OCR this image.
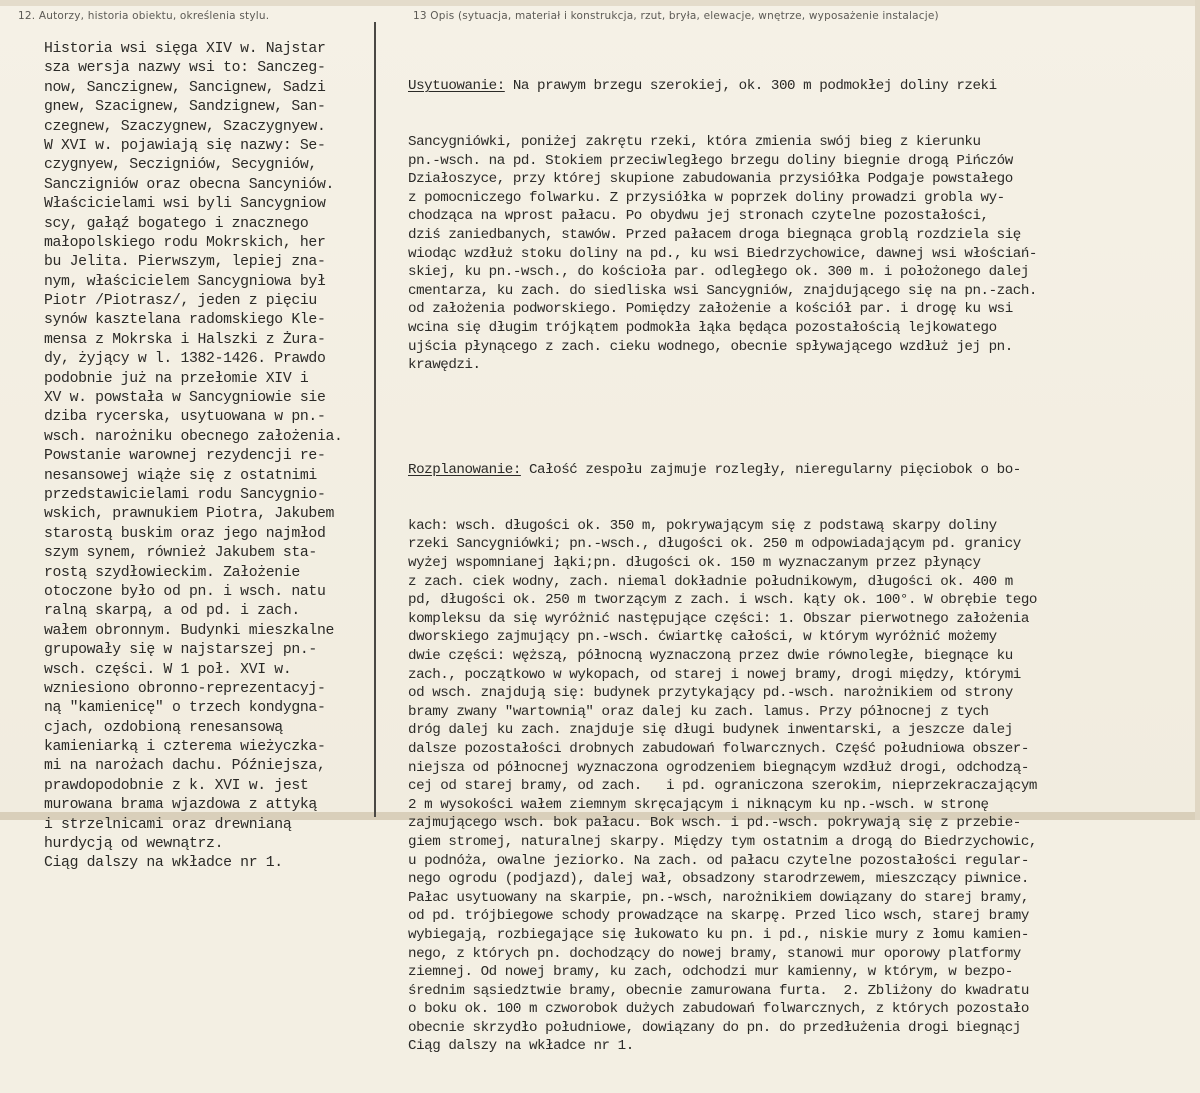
12. Autorzy, historia obiektu, określenia stylu.	13 Opis (sytuacja, materiał i konstrukcja, rzut, bryła, elewacje, wnętrze, wyposażenie instalacje)
Historia wsi sięga XIV w. Najstar
sza wersja nazwy wsi to: Sanczeg-
now, Sanczignew, Sancignew, Sadzi
gnew, Szacignew, Sandzignew, San-
czegnew, Szaczygnew, Szaczygnyew.
W XVI w. pojawiają się nazwy: Se-
czygnyew, Seczigniów, Secygniów,
Sanczigniów oraz obecna Sancyniów.
Właścicielami wsi byli Sancygniow
scy, gałąź bogatego i znacznego
małopolskiego rodu Mokrskich, her
bu Jelita. Pierwszym, lepiej zna-
nym, właścicielem Sancygniowa był
Piotr /Piotrasz/, jeden z pięciu
synów kasztelana radomskiego Kle-
mensa z Mokrska i Halszki z Żura-
dy, żyjący w l. 1382-1426. Prawdo
podobnie już na przełomie XIV i
XV w. powstała w Sancygniowie sie
dziba rycerska, usytuowana w pn.-
wsch. narożniku obecnego założenia.
Powstanie warownej rezydencji re-
nesansowej wiąże się z ostatnimi
przedstawicielami rodu Sancygnio-
wskich, prawnukiem Piotra, Jakubem
starostą buskim oraz jego najmłod
szym synem, również Jakubem sta-
rostą szydłowieckim. Założenie
otoczone było od pn. i wsch. natu
ralną skarpą, a od pd. i zach.
wałem obronnym. Budynki mieszkalne
grupowały się w najstarszej pn.-
wsch. części. W 1 poł. XVI w.
wzniesiono obronno-reprezentacyj-
ną "kamienicę" o trzech kondygna-
cjach, ozdobioną renesansową
kamieniarką i czterema wieżyczka-
mi na narożach dachu. Późniejsza,
prawdopodobnie z k. XVI w. jest
murowana brama wjazdowa z attyką
i strzelnicami oraz drewnianą
hurdycją od wewnątrz.
Ciąg dalszy na wkładce nr 1.

Usytuowanie: Na prawym brzegu szerokiej, ok. 300 m podmokłej doliny rzeki

Sancygniówki, poniżej zakrętu rzeki, która zmienia swój bieg z kierunku
pn.-wsch. na pd. Stokiem przeciwległego brzegu doliny biegnie drogą Pińczów
Działoszyce, przy której skupione zabudowania przysiółka Podgaje powstałego
z pomocniczego folwarku. Z przysiółka w poprzek doliny prowadzi grobla wy-
chodząca na wprost pałacu. Po obydwu jej stronach czytelne pozostałości,
dziś zaniedbanych, stawów. Przed pałacem droga biegnąca groblą rozdziela się
wiodąc wzdłuż stoku doliny na pd., ku wsi Biedrzychowice, dawnej wsi włościań-
skiej, ku pn.-wsch., do kościoła par. odległego ok. 300 m. i położonego dalej
cmentarza, ku zach. do siedliska wsi Sancygniów, znajdującego się na pn.-zach.
od założenia podworskiego. Pomiędzy założenie a kościół par. i drogę ku wsi
wcina się długim trójkątem podmokła łąka będąca pozostałością lejkowatego
ujścia płynącego z zach. cieku wodnego, obecnie spływającego wzdłuż jej pn.
krawędzi.

Rozplanowanie: Całość zespołu zajmuje rozległy, nieregularny pięciobok o bo-

kach: wsch. długości ok. 350 m, pokrywającym się z podstawą skarpy doliny
rzeki Sancygniówki; pn.-wsch., długości ok. 250 m odpowiadającym pd. granicy
wyżej wspomnianej łąki;pn. długości ok. 150 m wyznaczanym przez płynący
z zach. ciek wodny, zach. niemal dokładnie południkowym, długości ok. 400 m
pd, długości ok. 250 m tworzącym z zach. i wsch. kąty ok. 100°. W obrębie tego
kompleksu da się wyróżnić następujące części: 1. Obszar pierwotnego założenia
dworskiego zajmujący pn.-wsch. ćwiartkę całości, w którym wyróżnić możemy
dwie części: węższą, północną wyznaczoną przez dwie równoległe, biegnące ku
zach., początkowo w wykopach, od starej i nowej bramy, drogi między, którymi
od wsch. znajdują się: budynek przytykający pd.-wsch. narożnikiem od strony
bramy zwany "wartownią" oraz dalej ku zach. lamus. Przy północnej z tych
dróg dalej ku zach. znajduje się długi budynek inwentarski, a jeszcze dalej
dalsze pozostałości drobnych zabudowań folwarcznych. Część południowa obszer-
niejsza od północnej wyznaczona ogrodzeniem biegnącym wzdłuż drogi, odchodzą-
cej od starej bramy, od zach.   i pd. ograniczona szerokim, nieprzekraczającym
2 m wysokości wałem ziemnym skręcającym i niknącym ku np.-wsch. w stronę
zajmującego wsch. bok pałacu. Bok wsch. i pd.-wsch. pokrywają się z przebie-
giem stromej, naturalnej skarpy. Między tym ostatnim a drogą do Biedrzychowic,
u podnóża, owalne jeziorko. Na zach. od pałacu czytelne pozostałości regular-
nego ogrodu (podjazd), dalej wał, obsadzony starodrzewem, mieszczący piwnice.
Pałac usytuowany na skarpie, pn.-wsch, narożnikiem dowiązany do starej bramy,
od pd. trójbiegowe schody prowadzące na skarpę. Przed lico wsch, starej bramy
wybiegają, rozbiegające się łukowato ku pn. i pd., niskie mury z łomu kamien-
nego, z których pn. dochodzący do nowej bramy, stanowi mur oporowy platformy
ziemnej. Od nowej bramy, ku zach, odchodzi mur kamienny, w którym, w bezpo-
średnim sąsiedztwie bramy, obecnie zamurowana furta.  2. Zbliżony do kwadratu
o boku ok. 100 m czworobok dużych zabudowań folwarcznych, z których pozostało
obecnie skrzydło południowe, dowiązany do pn. do przedłużenia drogi biegnącj
Ciąg dalszy na wkładce nr 1.
